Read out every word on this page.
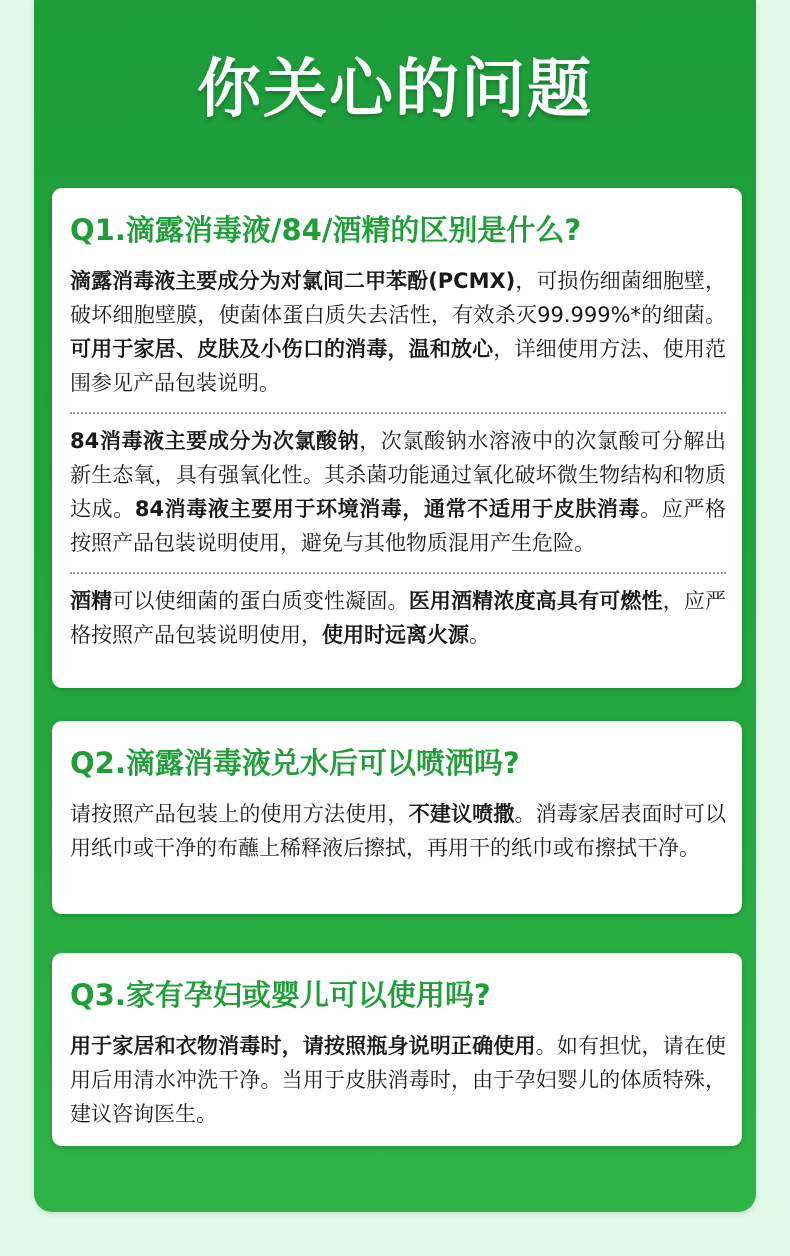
你关心的问题
Q1.滴露消毒液/84/酒精的区别是什么?

滴露消毒液主要成分为对氯间二甲苯酚(PCMX)，可损伤细菌细胞壁，破坏细胞壁膜，使菌体蛋白质失去活性，有效杀灭99.999%*的细菌。可用于家居、皮肤及小伤口的消毒，温和放心，详细使用方法、使用范围参见产品包装说明。

84消毒液主要成分为次氯酸钠，次氯酸钠水溶液中的次氯酸可分解出新生态氧，具有强氧化性。其杀菌功能通过氧化破坏微生物结构和物质达成。84消毒液主要用于环境消毒，通常不适用于皮肤消毒。应严格按照产品包装说明使用，避免与其他物质混用产生危险。

酒精可以使细菌的蛋白质变性凝固。医用酒精浓度高具有可燃性，应严格按照产品包装说明使用，使用时远离火源。

Q2.滴露消毒液兑水后可以喷洒吗?

请按照产品包装上的使用方法使用，不建议喷撒。消毒家居表面时可以用纸巾或干净的布蘸上稀释液后擦拭，再用干的纸巾或布擦拭干净。

Q3.家有孕妇或婴儿可以使用吗?

用于家居和衣物消毒时，请按照瓶身说明正确使用。如有担忧，请在使用后用清水冲洗干净。当用于皮肤消毒时，由于孕妇婴儿的体质特殊，建议咨询医生。
